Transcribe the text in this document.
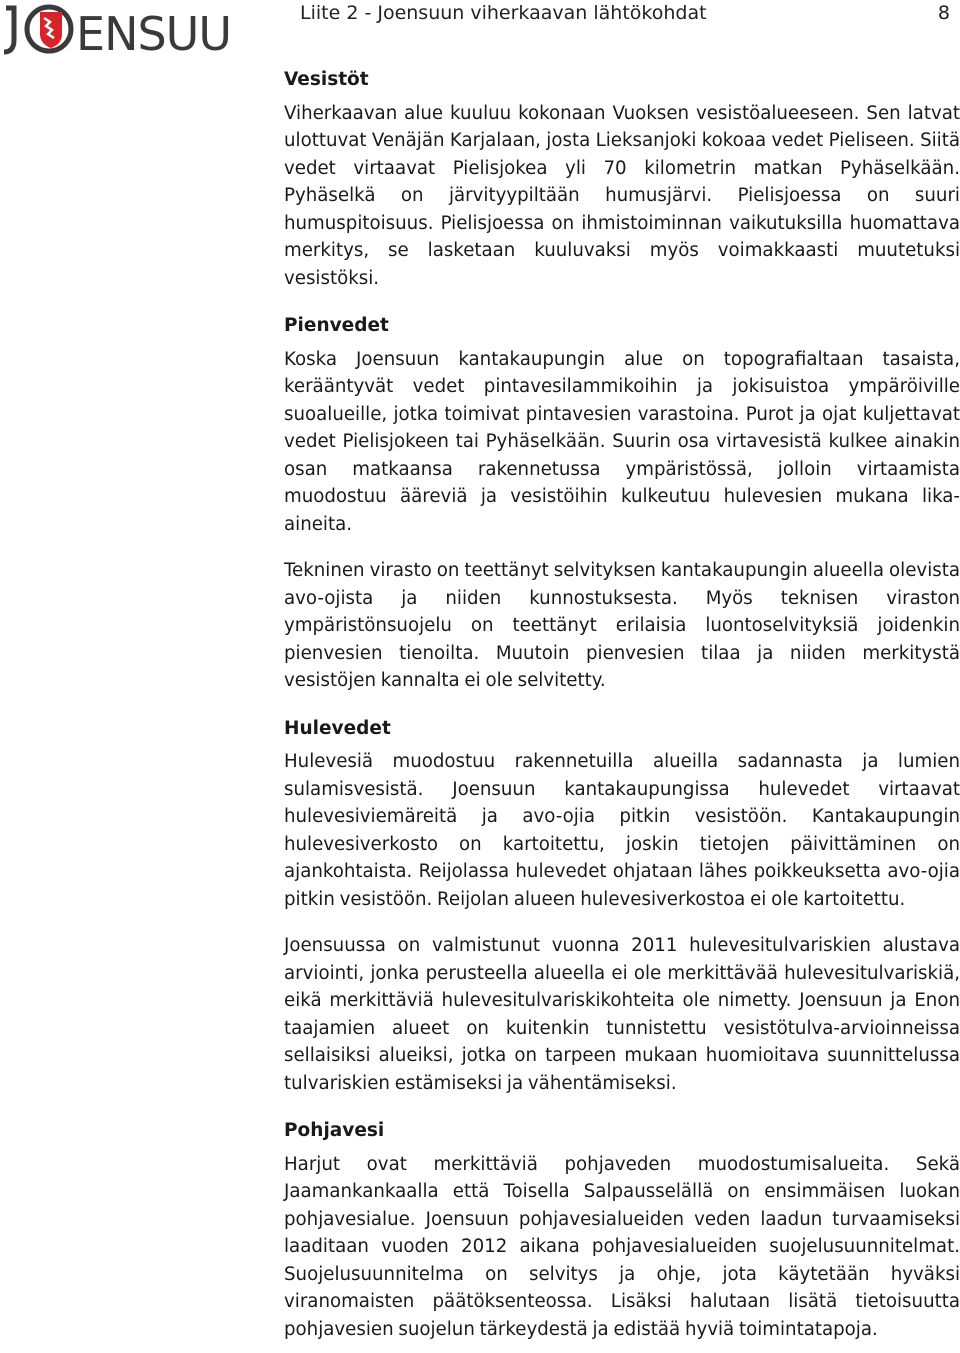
ENSUU	Liite 2 - Joensuun viherkaavan lähtökohdat	8
Vesistöt

Viherkaavan alue kuuluu kokonaan Vuoksen vesistöalueeseen. Sen latvat ulottuvat Venäjän Karjalaan, josta Lieksanjoki kokoaa vedet Pieliseen. Siitä vedet virtaavat Pielisjokea yli 70 kilometrin matkan Pyhäselkään. Pyhäselkä on järvityypiltään humusjärvi. Pielisjoessa on suuri humuspitoisuus. Pielisjoessa on ihmistoiminnan vaikutuksilla huomattava merkitys, se lasketaan kuuluvaksi myös voimakkaasti muutetuksi vesistöksi.

Pienvedet

Koska Joensuun kantakaupungin alue on topografialtaan tasaista, kerääntyvät vedet pintavesilammikoihin ja jokisuistoa ympäröiville suoalueille, jotka toimivat pintavesien varastoina. Purot ja ojat kuljettavat vedet Pielisjokeen tai Pyhäselkään. Suurin osa virtavesistä kulkee ainakin osan matkaansa rakennetussa ympäristössä, jolloin virtaamista muodostuu ääreviä ja vesistöihin kulkeutuu hulevesien mukana lika-aineita.

Tekninen virasto on teettänyt selvityksen kantakaupungin alueella olevista avo-ojista ja niiden kunnostuksesta. Myös teknisen viraston ympäristönsuojelu on teettänyt erilaisia luontoselvityksiä joidenkin pienvesien tienoilta. Muutoin pienvesien tilaa ja niiden merkitystä vesistöjen kannalta ei ole selvitetty.

Hulevedet

Hulevesiä muodostuu rakennetuilla alueilla sadannasta ja lumien sulamisvesistä. Joensuun kantakaupungissa hulevedet virtaavat hulevesiviemäreitä ja avo-ojia pitkin vesistöön. Kantakaupungin hulevesiverkosto on kartoitettu, joskin tietojen päivittäminen on ajankohtaista. Reijolassa hulevedet ohjataan lähes poikkeuksetta avo-ojia pitkin vesistöön. Reijolan alueen hulevesiverkostoa ei ole kartoitettu.

Joensuussa on valmistunut vuonna 2011 hulevesitulvariskien alustava arviointi, jonka perusteella alueella ei ole merkittävää hulevesitulvariskiä, eikä merkittäviä hulevesitulvariskikohteita ole nimetty. Joensuun ja Enon taajamien alueet on kuitenkin tunnistettu vesistötulva-arvioinneissa sellaisiksi alueiksi, jotka on tarpeen mukaan huomioitava suunnittelussa tulvariskien estämiseksi ja vähentämiseksi.

Pohjavesi

Harjut ovat merkittäviä pohjaveden muodostumisalueita. Sekä Jaamankankaalla että Toisella Salpausselällä on ensimmäisen luokan pohjavesialue. Joensuun pohjavesialueiden veden laadun turvaamiseksi laaditaan vuoden 2012 aikana pohjavesialueiden suojelusuunnitelmat. Suojelusuunnitelma on selvitys ja ohje, jota käytetään hyväksi viranomaisten päätöksenteossa. Lisäksi halutaan lisätä tietoisuutta pohjavesien suojelun tärkeydestä ja edistää hyviä toimintatapoja.
